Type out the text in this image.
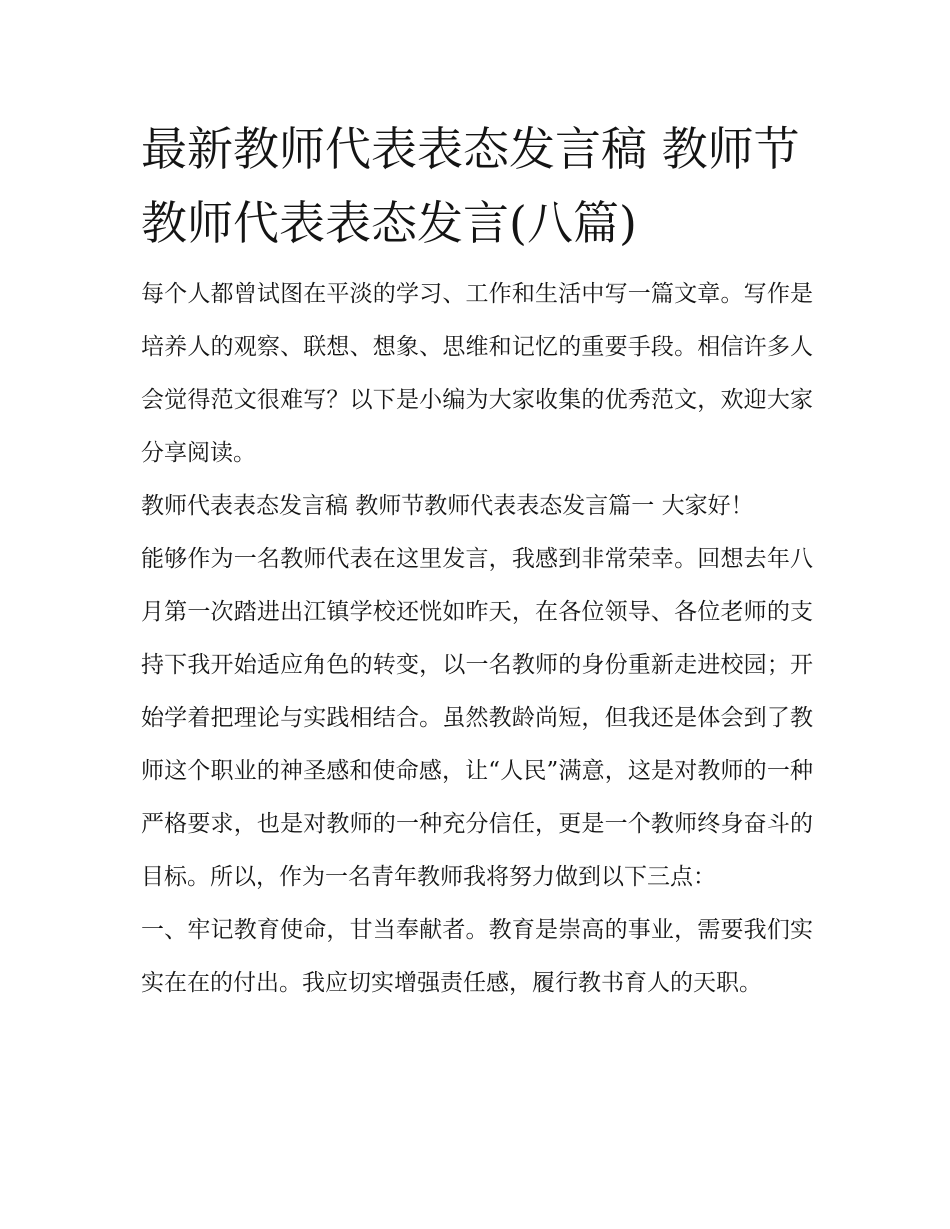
最新教师代表表态发言稿 教师节教师代表表态发言(八篇)

每个人都曾试图在平淡的学习、工作和生活中写一篇文章。写作是培养人的观察、联想、想象、思维和记忆的重要手段。相信许多人会觉得范文很难写？以下是小编为大家收集的优秀范文，欢迎大家分享阅读。

教师代表表态发言稿 教师节教师代表表态发言篇一 大家好！

能够作为一名教师代表在这里发言，我感到非常荣幸。回想去年八月第一次踏进出江镇学校还恍如昨天，在各位领导、各位老师的支持下我开始适应角色的转变，以一名教师的身份重新走进校园；开始学着把理论与实践相结合。虽然教龄尚短，但我还是体会到了教师这个职业的神圣感和使命感，让“人民”满意，这是对教师的一种严格要求，也是对教师的一种充分信任，更是一个教师终身奋斗的目标。所以，作为一名青年教师我将努力做到以下三点：

一、牢记教育使命，甘当奉献者。教育是崇高的事业，需要我们实实在在的付出。我应切实增强责任感，履行教书育人的天职。
